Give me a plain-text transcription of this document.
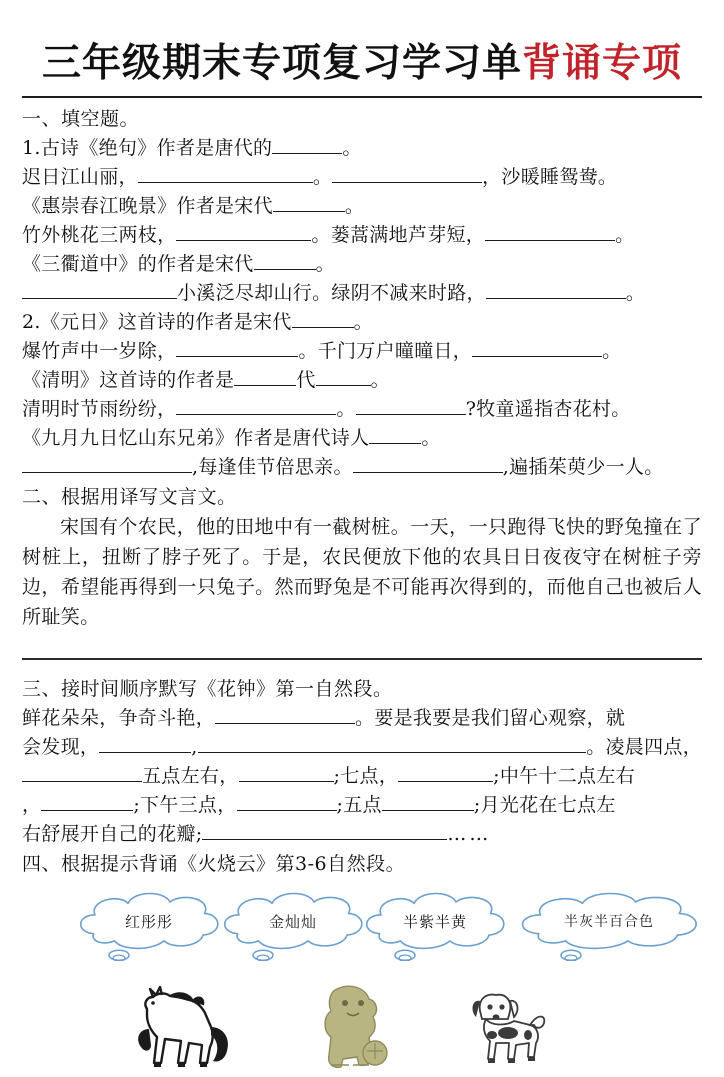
三年级期末专项复习学习单 背诵专项
一、填空题。
1.古诗《绝句》作者是唐代的	。
迟日江山丽，	。	，沙暖睡鸳鸯。
《惠崇春江晚景》作者是宋代	。
竹外桃花三两枝，	。蒌蒿满地芦芽短，	。
《三衢道中》的作者是宋代	。
小溪泛尽却山行。绿阴不减来时路，	。
2.《元日》这首诗的作者是宋代	。
爆竹声中一岁除，	。千门万户曈曈日，	。
《清明》这首诗的作者是	代	。
清明时节雨纷纷，	。	?牧童遥指杏花村。
《九月九日忆山东兄弟》作者是唐代诗人	。
,每逢佳节倍思亲。	,遍插茱萸少一人。
二、根据用译写文言文。

宋国有个农民，他的田地中有一截树桩。一天，一只跑得飞快的野兔撞在了树桩上，扭断了脖子死了。于是，农民便放下他的农具日日夜夜守在树桩子旁边，希望能再得到一只兔子。然而野兔是不可能再次得到的，而他自己也被后人所耻笑。

三、接时间顺序默写《花钟》第一自然段。
鲜花朵朵，争奇斗艳，	。要是我要是我们留心观察，就
会发现，	,	。凌晨四点，
五点左右，	;七点，	;中午十二点左右
，	;下午三点，	;五点	;月光花在七点左
右舒展开自己的花瓣;	……
四、根据提示背诵《火烧云》第3-6自然段。
红彤彤	金灿灿	半紫半黄	半灰半百合色
